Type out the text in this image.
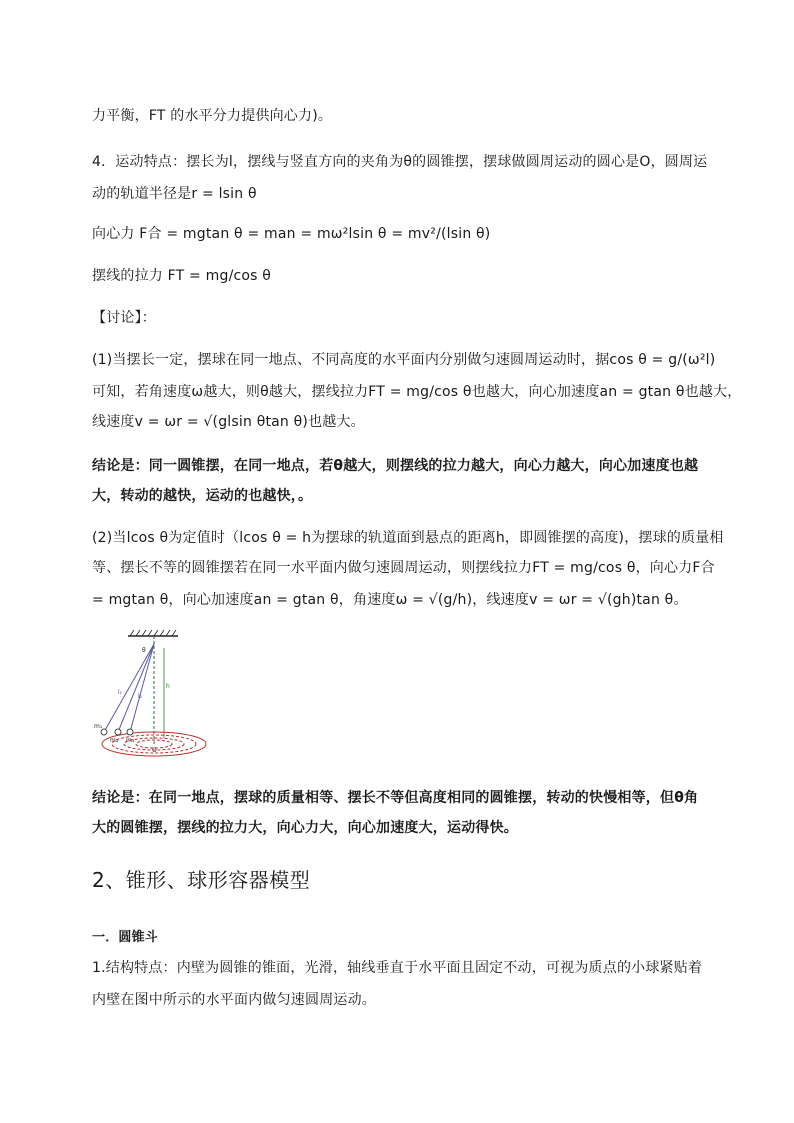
力平衡，FT 的水平分力提供向心力)。
4．运动特点：摆长为l，摆线与竖直方向的夹角为θ的圆锥摆，摆球做圆周运动的圆心是O，圆周运
动的轨道半径是r = lsin θ
向心力 F合 = mgtan θ = man = mω²lsin θ = mv²/(lsin θ)
摆线的拉力 FT = mg/cos θ
【讨论】：
(1)当摆长一定，摆球在同一地点、不同高度的水平面内分别做匀速圆周运动时，据cos θ = g/(ω²l)
可知，若角速度ω越大，则θ越大，摆线拉力FT = mg/cos θ也越大，向心加速度an = gtan θ也越大，
线速度v = ωr = √(glsin θtan θ)也越大。
结论是：同一圆锥摆，在同一地点，若θ越大，则摆线的拉力越大，向心力越大，向心加速度也越
大，转动的越快，运动的也越快，。
(2)当lcos θ为定值时（lcos θ = h为摆球的轨道面到悬点的距离h，即圆锥摆的高度)，摆球的质量相
等、摆长不等的圆锥摆若在同一水平面内做匀速圆周运动，则摆线拉力FT = mg/cos θ，向心力F合
= mgtan θ，向心加速度an = gtan θ，角速度ω = √(g/h)，线速度v = ωr = √(gh)tan θ。
θ
h
l₁
l₂
m₁
m₂ m₃
O
结论是：在同一地点，摆球的质量相等、摆长不等但高度相同的圆锥摆，转动的快慢相等，但θ角
大的圆锥摆，摆线的拉力大，向心力大，向心加速度大，运动得快。
2、锥形、球形容器模型
一．圆锥斗
1.结构特点：内壁为圆锥的锥面，光滑，轴线垂直于水平面且固定不动，可视为质点的小球紧贴着
内壁在图中所示的水平面内做匀速圆周运动。
